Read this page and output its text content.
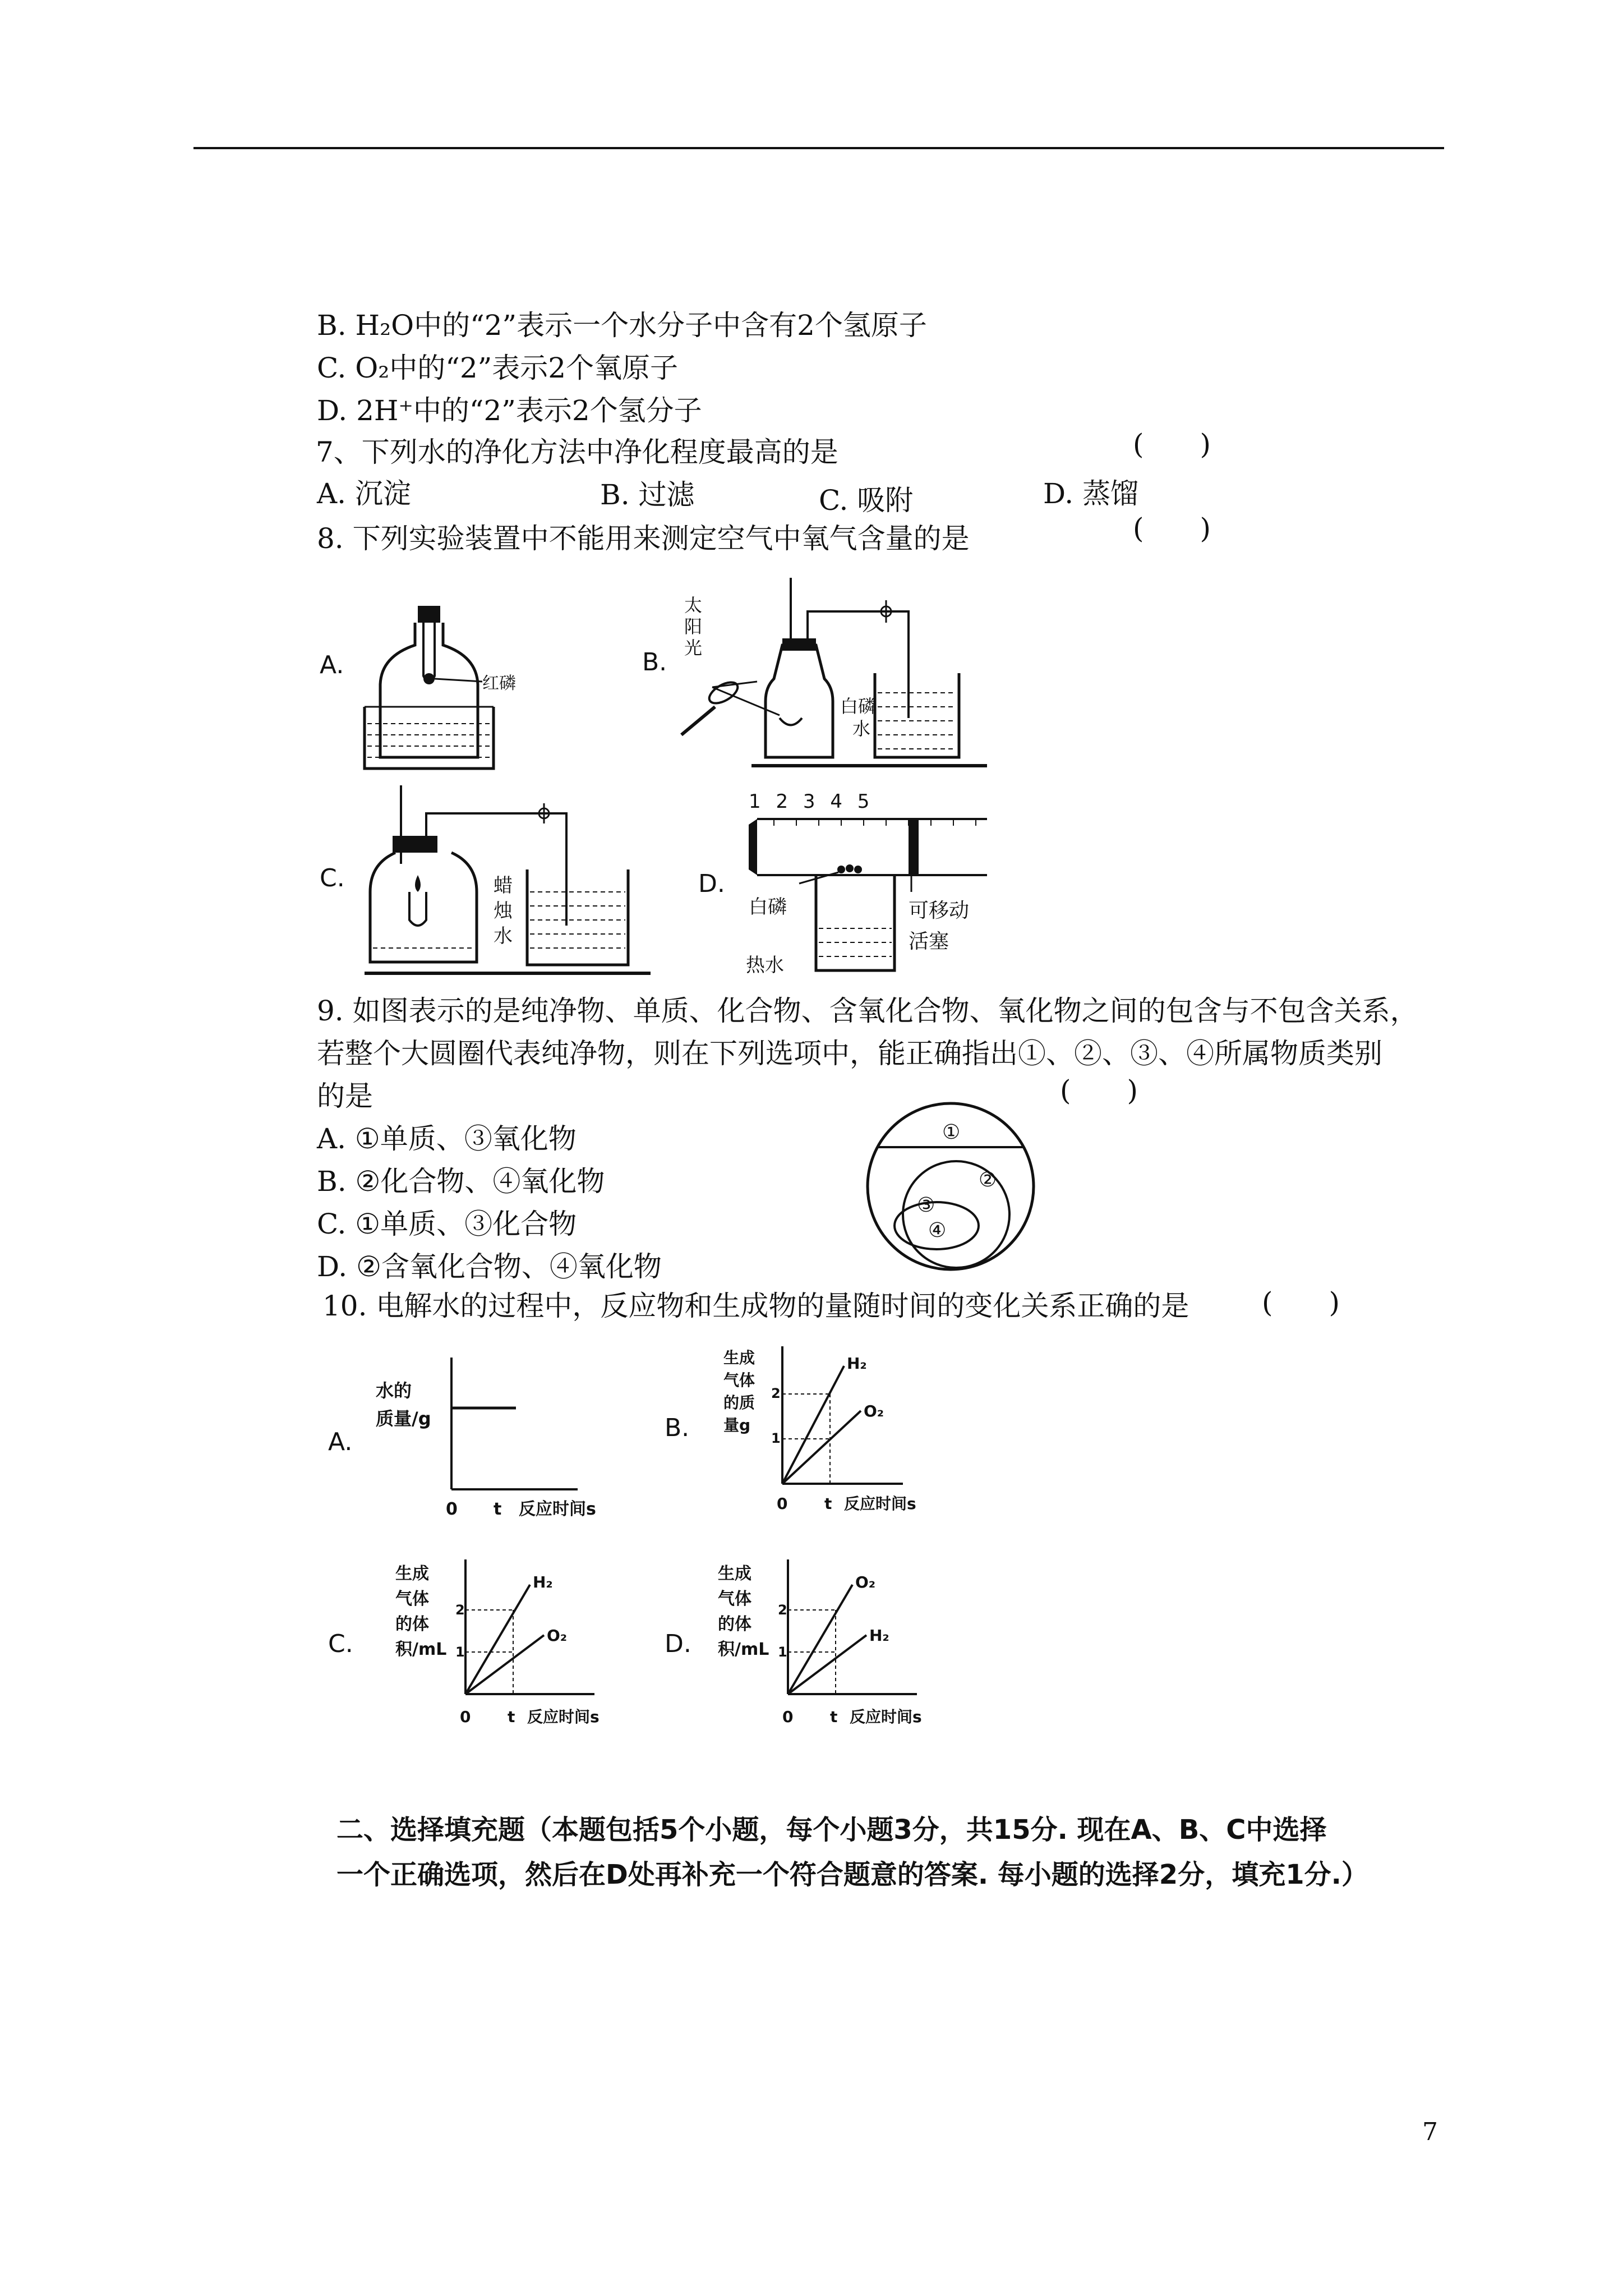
B. H₂O中的“2”表示一个水分子中含有2个氢原子
C. O₂中的“2”表示2个氧原子
D. 2H⁺中的“2”表示2个氢分子
7、下列水的净化方法中净化程度最高的是	(　　)
A. 沉淀	B. 过滤	C. 吸附	D. 蒸馏
8. 下列实验装置中不能用来测定空气中氧气含量的是	(　　)
A.
红磷
B.
太
阳
光
白磷
水
C.	蜡
烛
水
D.
1 2 3 4 5
白磷
热水
可移动
活塞
9. 如图表示的是纯净物、单质、化合物、含氧化合物、氧化物之间的包含与不包含关系，
若整个大圆圈代表纯净物，则在下列选项中，能正确指出①、②、③、④所属物质类别
的是	(　　)
A. ①单质、③氧化物
B. ②化合物、④氧化物
C. ①单质、③化合物
D. ②含氧化合物、④氧化物
①
②
③
④
10. 电解水的过程中，反应物和生成物的量随时间的变化关系正确的是	(　　)
A.
水的
质量/g
0 t 反应时间s
B.
生成
气体
的质
量g
2
1
H₂
O₂
0 t 反应时间s
C.
生成
气体
的体
积/mL
2
1
H₂
O₂
0 t 反应时间s
D.
生成
气体
的体
积/mL
2
1
O₂
H₂
0 t 反应时间s
二、选择填充题（本题包括5个小题，每个小题3分，共15分. 现在A、B、C中选择
一个正确选项，然后在D处再补充一个符合题意的答案. 每小题的选择2分，填充1分.）
7
